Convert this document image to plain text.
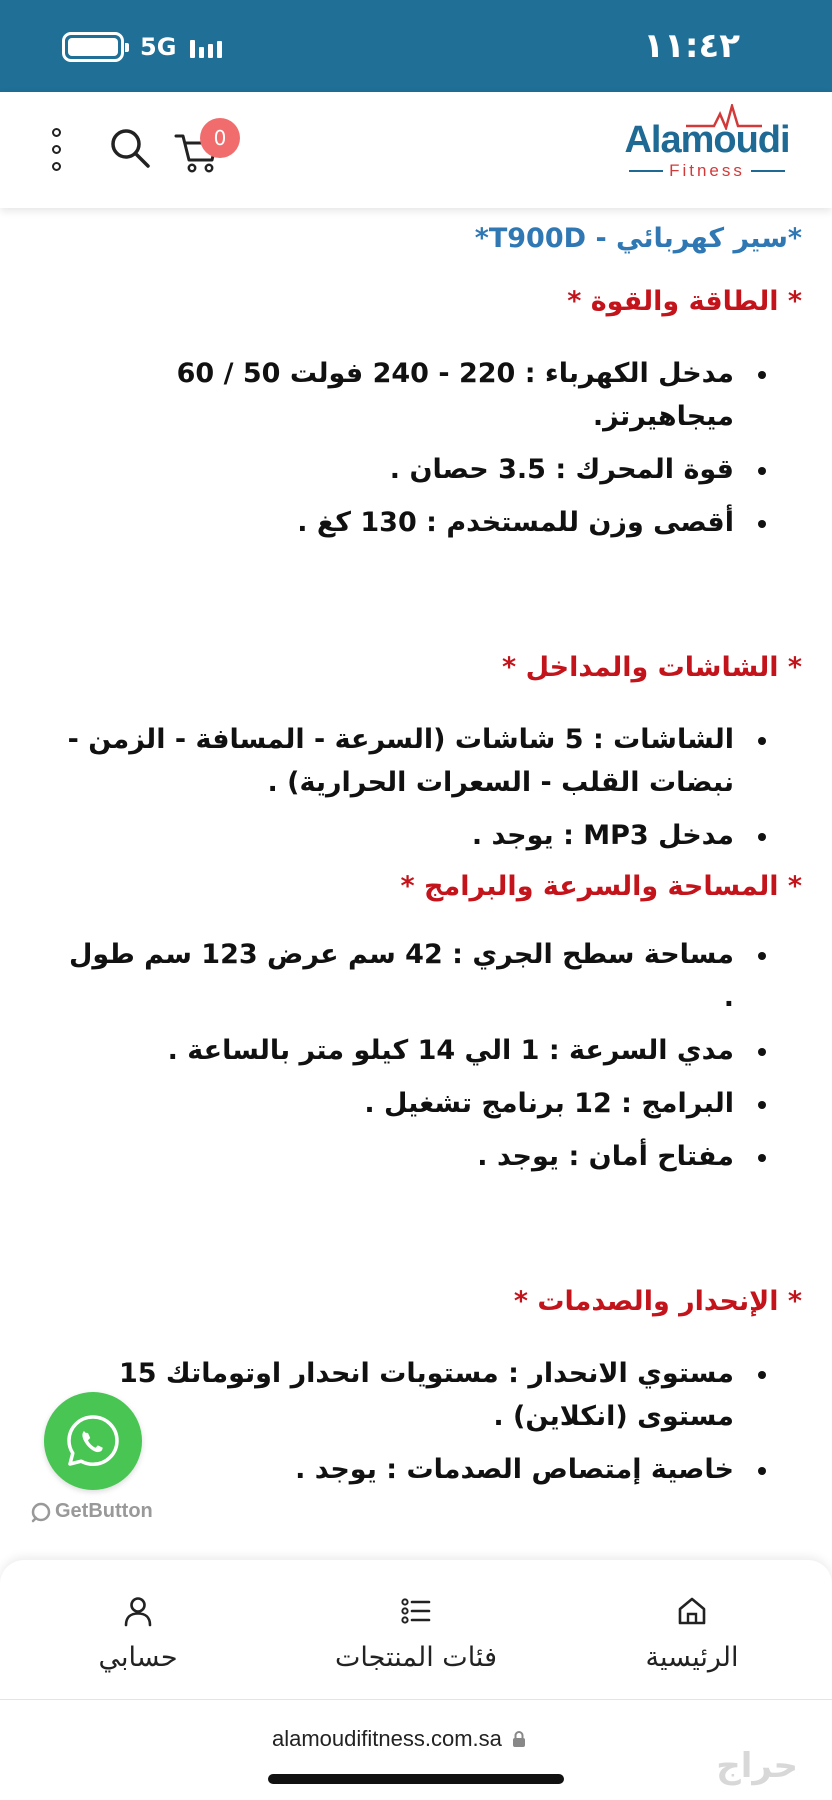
5G	١١:٤٢
Alamoudi
Fitness
0
*سير كهربائي - T900D*
* الطاقة والقوة *
مدخل الكهرباء : 220 - 240 فولت 50 / 60 ميجاهيرتز.
قوة المحرك : 3.5 حصان .
أقصى وزن للمستخدم : 130 كغ .
* الشاشات والمداخل *
الشاشات : 5 شاشات (السرعة - المسافة - الزمن - نبضات القلب - السعرات الحرارية) .
مدخل MP3 : يوجد .
* المساحة والسرعة والبرامج *
مساحة سطح الجري : 42 سم عرض 123 سم طول .
مدي السرعة : 1 الي 14 كيلو متر بالساعة .
البرامج : 12 برنامج تشغيل .
مفتاح أمان : يوجد .
* الإنحدار والصدمات *
مستوي الانحدار : مستويات انحدار اوتوماتك 15 مستوى (انكلاين) .
خاصية إمتصاص الصدمات : يوجد .
GetButton
الرئيسية
فئات المنتجات
حسابي
alamoudifitness.com.sa
حراج
